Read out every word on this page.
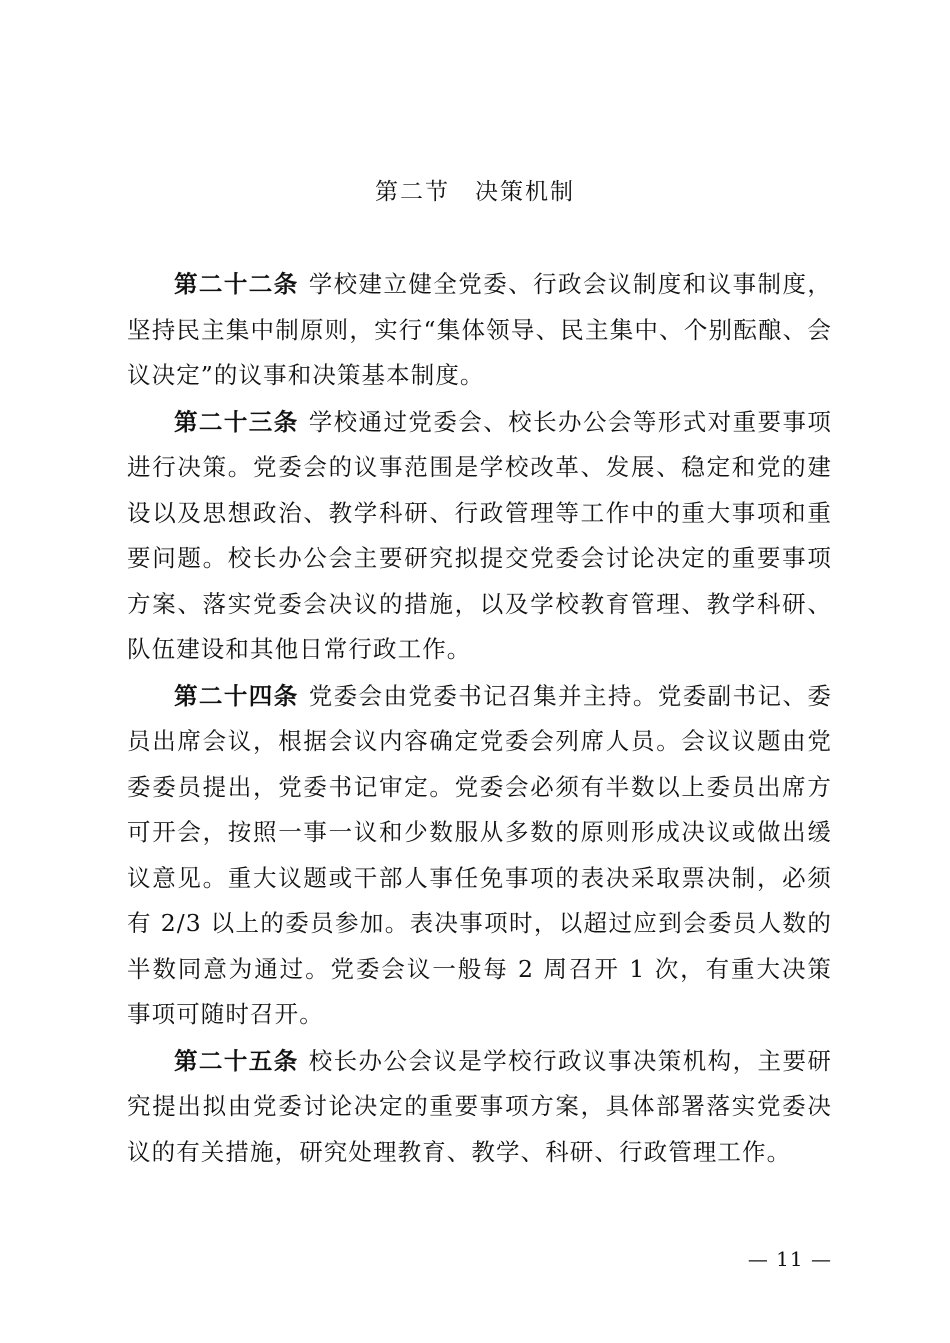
第二节　决策机制

第二十二条 学校建立健全党委、行政会议制度和议事制度，坚持民主集中制原则，实行“集体领导、民主集中、个别酝酿、会议决定”的议事和决策基本制度。

第二十三条 学校通过党委会、校长办公会等形式对重要事项进行决策。党委会的议事范围是学校改革、发展、稳定和党的建设以及思想政治、教学科研、行政管理等工作中的重大事项和重要问题。校长办公会主要研究拟提交党委会讨论决定的重要事项方案、落实党委会决议的措施，以及学校教育管理、教学科研、队伍建设和其他日常行政工作。

第二十四条 党委会由党委书记召集并主持。党委副书记、委员出席会议，根据会议内容确定党委会列席人员。会议议题由党委委员提出，党委书记审定。党委会必须有半数以上委员出席方可开会，按照一事一议和少数服从多数的原则形成决议或做出缓议意见。重大议题或干部人事任免事项的表决采取票决制，必须有 2/3 以上的委员参加。表决事项时，以超过应到会委员人数的半数同意为通过。党委会议一般每 2 周召开 1 次，有重大决策事项可随时召开。

第二十五条 校长办公会议是学校行政议事决策机构，主要研究提出拟由党委讨论决定的重要事项方案，具体部署落实党委决议的有关措施，研究处理教育、教学、科研、行政管理工作。

— 11 —
